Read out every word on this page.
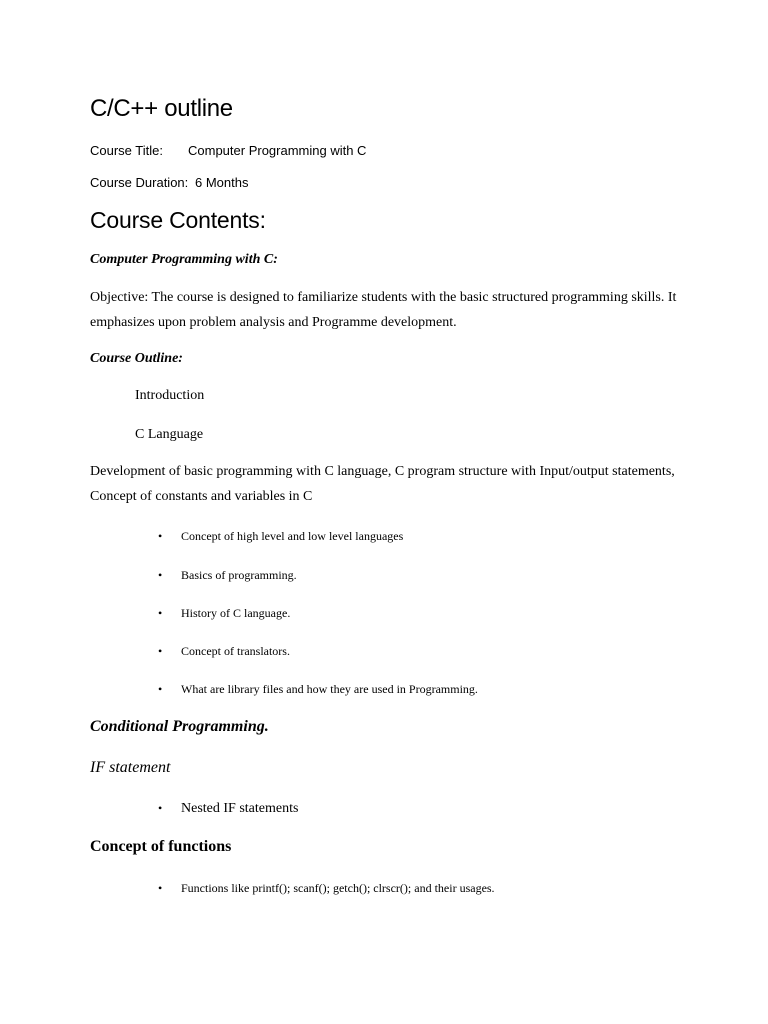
C/C++ outline
Course Title: Computer Programming with C
Course Duration: 6 Months
Course Contents:
Computer Programming with C:

Objective: The course is designed to familiarize students with the basic structured programming skills. It emphasizes upon problem analysis and Programme development.

Course Outline:
Introduction
C Language

Development of basic programming with C language, C program structure with Input/output statements, Concept of constants and variables in C

• Concept of high level and low level languages
• Basics of programming.
• History of C language.
• Concept of translators.
• What are library files and how they are used in Programming.
Conditional Programming.
IF statement
• Nested IF statements
Concept of functions
• Functions like printf(); scanf(); getch(); clrscr(); and their usages.
